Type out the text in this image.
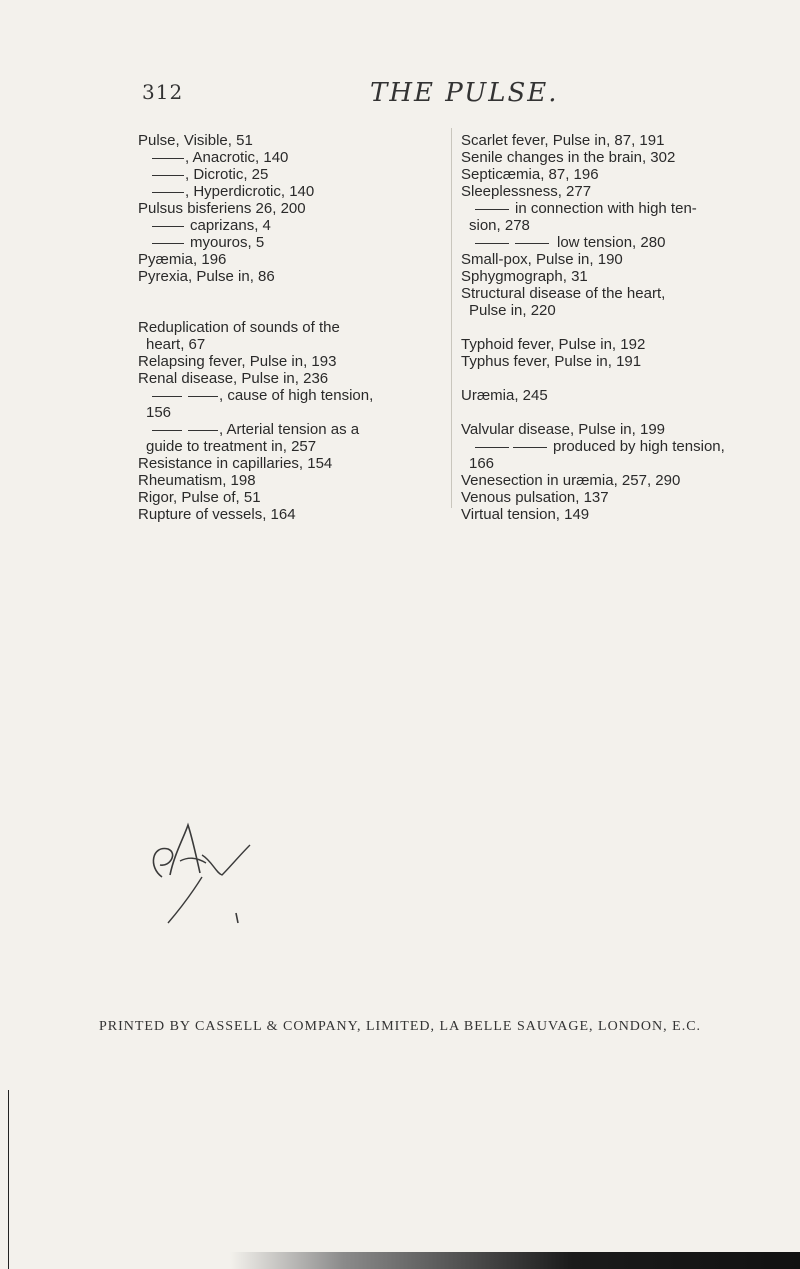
312	THE PULSE.

Pulse, Visible, 51

, Anacrotic, 140

, Dicrotic, 25

, Hyperdicrotic, 140

Pulsus bisferiens 26, 200

caprizans, 4

myouros, 5

Pyæmia, 196

Pyrexia, Pulse in, 86

Reduplication of sounds of the

heart, 67

Relapsing fever, Pulse in, 193

Renal disease, Pulse in, 236

, cause of high tension,

156

, Arterial tension as a

guide to treatment in, 257

Resistance in capillaries, 154

Rheumatism, 198

Rigor, Pulse of, 51

Rupture of vessels, 164

Scarlet fever, Pulse in, 87, 191

Senile changes in the brain, 302

Septicæmia, 87, 196

Sleeplessness, 277

in connection with high ten-

sion, 278

low tension, 280

Small-pox, Pulse in, 190

Sphygmograph, 31

Structural disease of the heart,

Pulse in, 220

Typhoid fever, Pulse in, 192

Typhus fever, Pulse in, 191

Uræmia, 245

Valvular disease, Pulse in, 199

produced by high tension,

166

Venesection in uræmia, 257, 290

Venous pulsation, 137

Virtual tension, 149

PRINTED BY CASSELL & COMPANY, LIMITED, LA BELLE SAUVAGE, LONDON, E.C.
